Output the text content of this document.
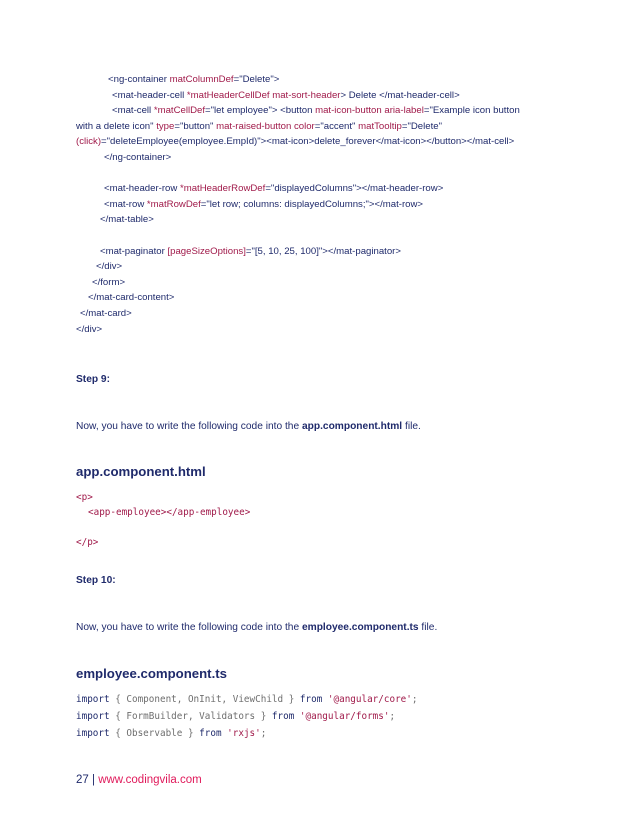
<ng-container matColumnDef="Delete">
<mat-header-cell *matHeaderCellDef mat-sort-header> Delete </mat-header-cell>
<mat-cell *matCellDef="let employee"> <button mat-icon-button aria-label="Example icon button
with a delete icon" type="button" mat-raised-button color="accent" matTooltip="Delete"
(click)="deleteEmployee(employee.EmpId)"><mat-icon>delete_forever</mat-icon></button></mat-cell>
</ng-container>
<mat-header-row *matHeaderRowDef="displayedColumns"></mat-header-row>
<mat-row *matRowDef="let row; columns: displayedColumns;"></mat-row>
</mat-table>
<mat-paginator [pageSizeOptions]="[5, 10, 25, 100]"></mat-paginator>
</div>
</form>
</mat-card-content>
</mat-card>
</div>
Step 9:
Now, you have to write the following code into the app.component.html file.
app.component.html
<p>
<app-employee></app-employee>
</p>
Step 10:
Now, you have to write the following code into the employee.component.ts file.
employee.component.ts
import { Component, OnInit, ViewChild } from '@angular/core';
import { FormBuilder, Validators } from '@angular/forms';
import { Observable } from 'rxjs';
27 | www.codingvila.com
